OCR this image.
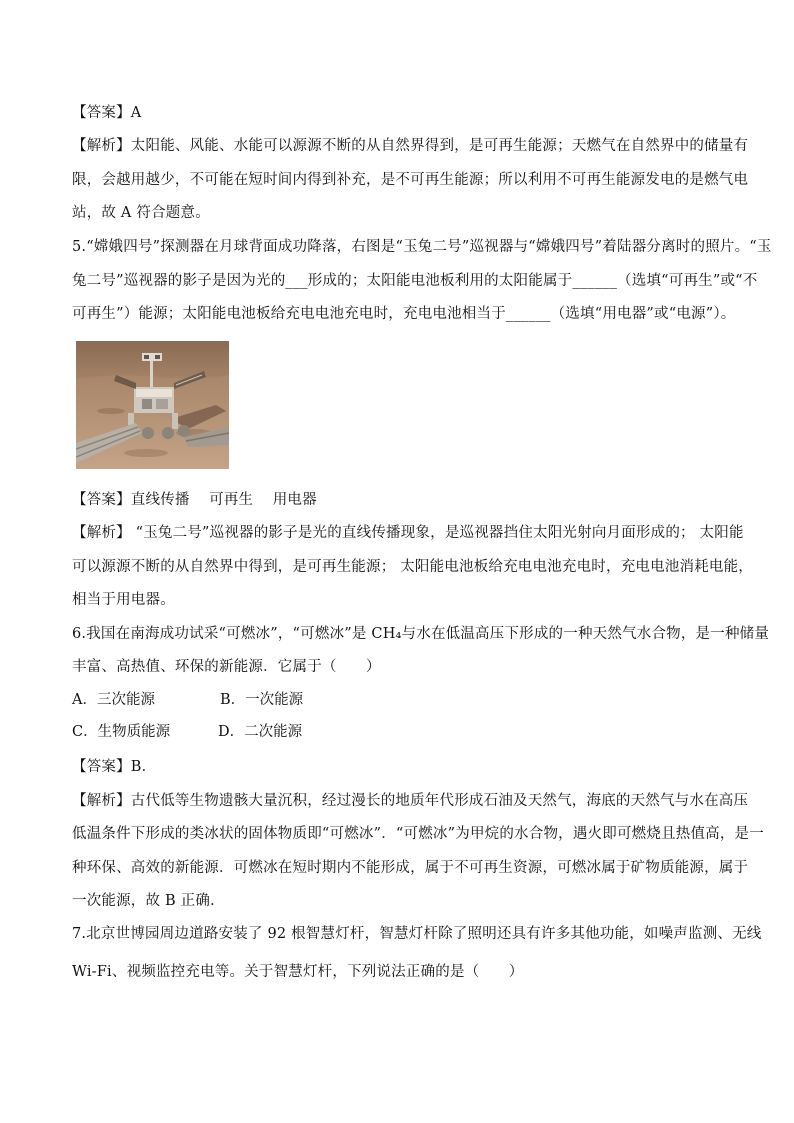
【答案】A
【解析】太阳能、风能、水能可以源源不断的从自然界得到，是可再生能源；天燃气在自然界中的储量有
限，会越用越少，不可能在短时间内得到补充，是不可再生能源；所以利用不可再生能源发电的是燃气电
站，故 A 符合题意。
5.“嫦娥四号”探测器在月球背面成功降落，右图是“玉兔二号”巡视器与“嫦娥四号”着陆器分离时的照片。“玉
兔二号”巡视器的影子是因为光的___形成的；太阳能电池板利用的太阳能属于______（选填“可再生”或“不
可再生”）能源；太阳能电池板给充电电池充电时，充电电池相当于______（选填“用电器”或“电源”）。
【答案】直线传播　 可再生　 用电器
【解析】 “玉兔二号”巡视器的影子是光的直线传播现象，是巡视器挡住太阳光射向月面形成的； 太阳能
可以源源不断的从自然界中得到，是可再生能源； 太阳能电池板给充电电池充电时，充电电池消耗电能，
相当于用电器。
6.我国在南海成功试采“可燃冰”，“可燃冰”是 CH₄与水在低温高压下形成的一种天然气水合物，是一种储量
丰富、高热值、环保的新能源．它属于（　　）
A．三次能源	B．一次能源
C．生物质能源	D．二次能源
【答案】B．
【解析】古代低等生物遗骸大量沉积，经过漫长的地质年代形成石油及天然气，海底的天然气与水在高压
低温条件下形成的类冰状的固体物质即“可燃冰”．“可燃冰”为甲烷的水合物，遇火即可燃烧且热值高，是一
种环保、高效的新能源．可燃冰在短时期内不能形成，属于不可再生资源，可燃冰属于矿物质能源，属于
一次能源，故 B 正确．
7.北京世博园周边道路安装了 92 根智慧灯杆，智慧灯杆除了照明还具有许多其他功能，如噪声监测、无线
Wi-Fi、视频监控充电等。关于智慧灯杆，下列说法正确的是（　　）
